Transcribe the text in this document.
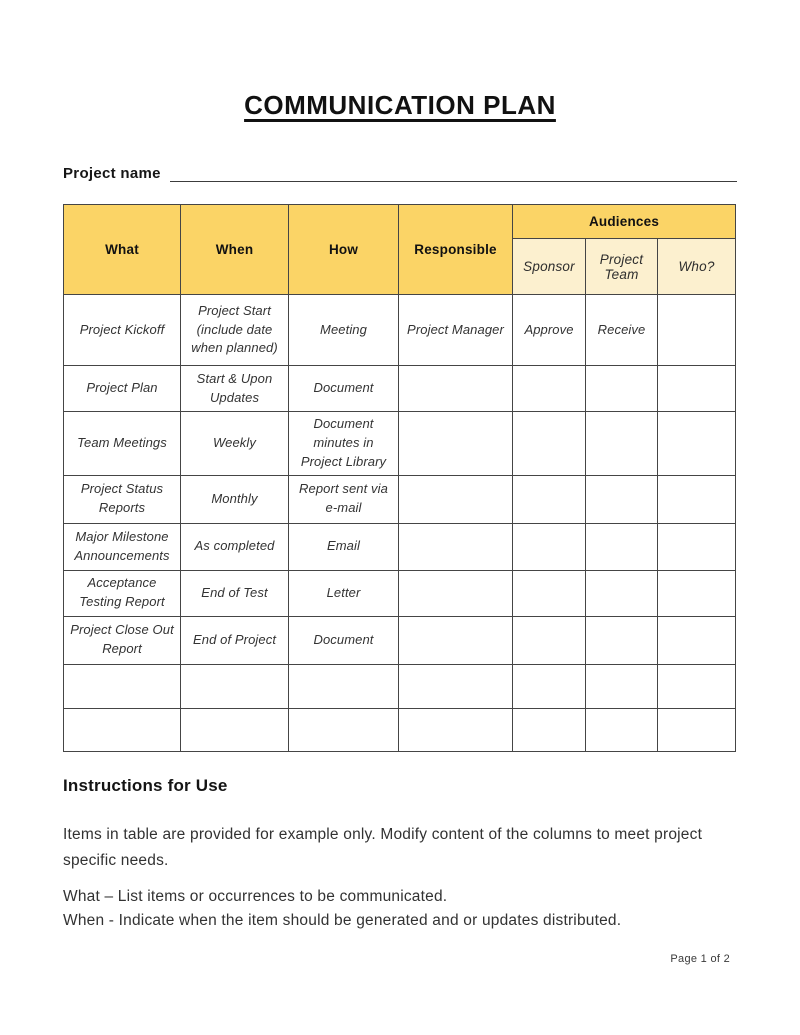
COMMUNICATION PLAN
Project name
What	When	How	Responsible	Audiences		
				Sponsor	Project Team	Who?
Project Kickoff	Project Start (include date when planned)	Meeting	Project Manager	Approve	Receive	
Project Plan	Start & Upon Updates	Document				
Team Meetings	Weekly	Document minutes in Project Library				
Project Status Reports	Monthly	Report sent via e-mail				
Major Milestone Announcements	As completed	Email				
Acceptance Testing Report	End of Test	Letter				
Project Close Out Report	End of Project	Document				

Instructions for Use

Items in table are provided for example only. Modify content of the columns to meet project specific needs.

What – List items or occurrences to be communicated.
When - Indicate when the item should be generated and or updates distributed.
Page 1 of 2
